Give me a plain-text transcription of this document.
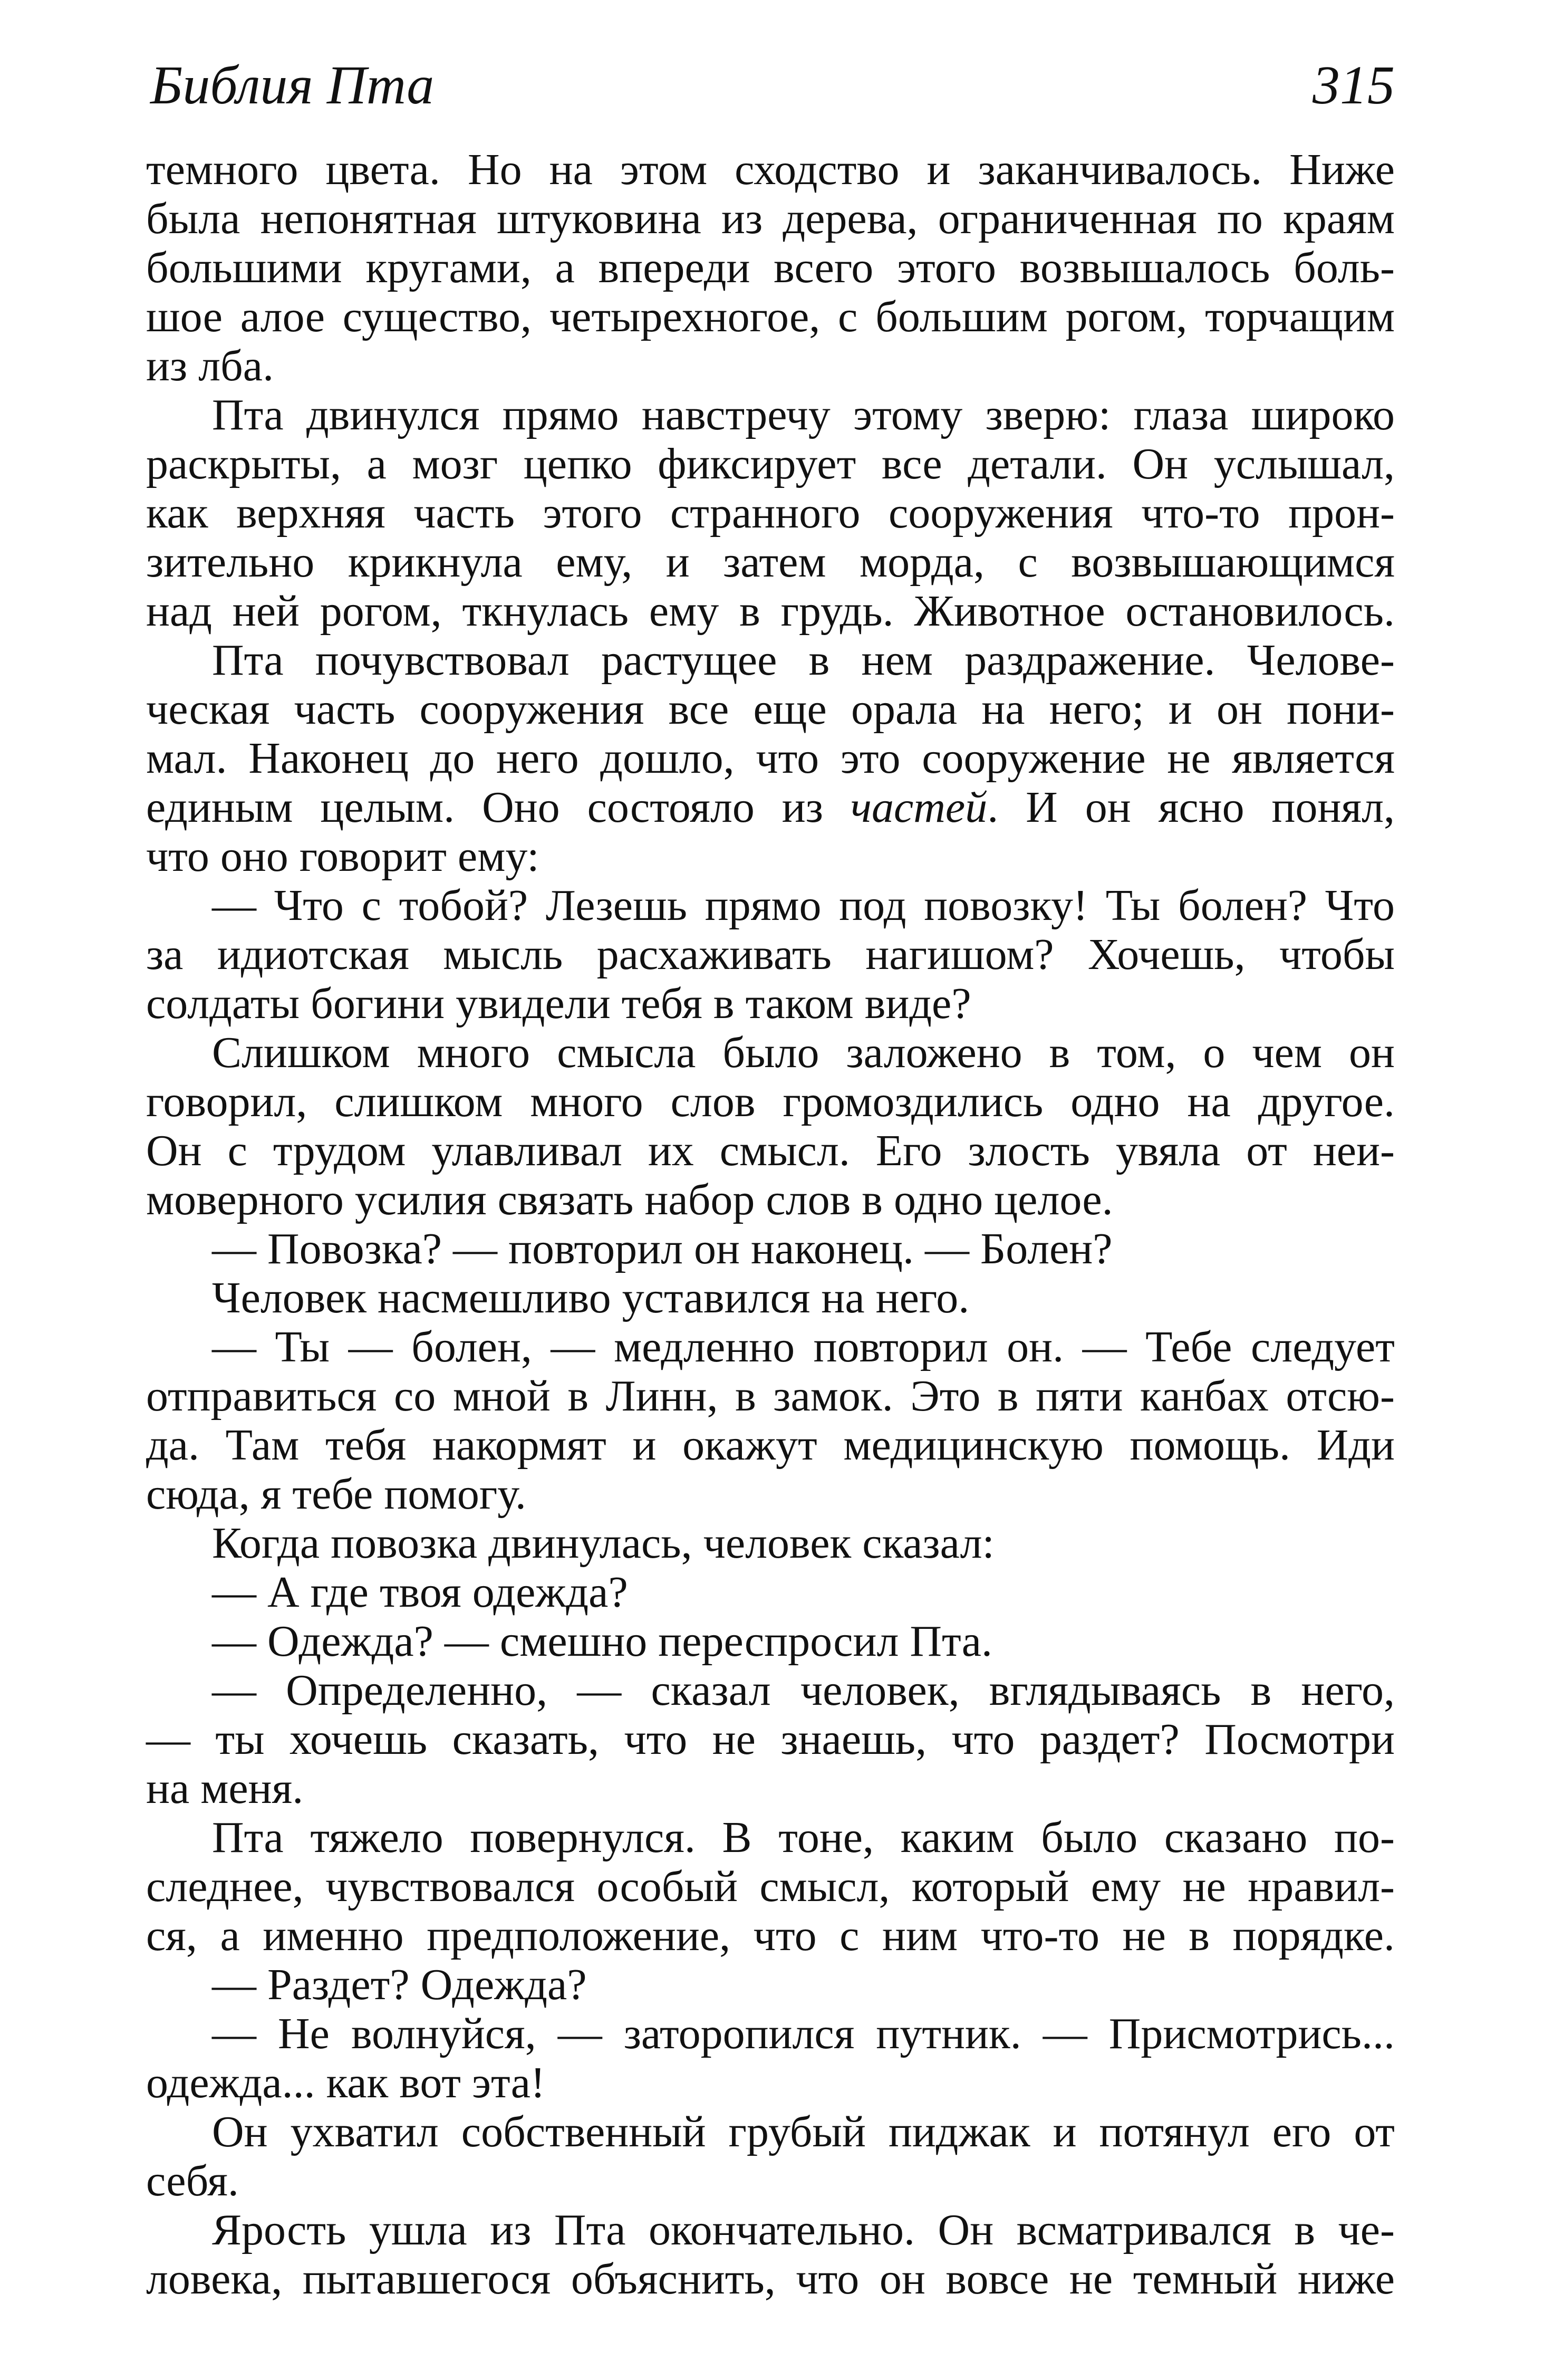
Библия Пта	315
темного цвета. Но на этом сходство и заканчивалось. Ниже
была непонятная штуковина из дерева, ограниченная по краям
большими кругами, а впереди всего этого возвышалось боль-
шое алое существо, четырехногое, с большим рогом, торчащим
из лба.
Пта двинулся прямо навстречу этому зверю: глаза широко
раскрыты, а мозг цепко фиксирует все детали. Он услышал,
как верхняя часть этого странного сооружения что-то прон-
зительно крикнула ему, и затем морда, с возвышающимся
над ней рогом, ткнулась ему в грудь. Животное остановилось.
Пта почувствовал растущее в нем раздражение. Челове-
ческая часть сооружения все еще орала на него; и он пони-
мал. Наконец до него дошло, что это сооружение не является
единым целым. Оно состояло из частей. И он ясно понял,
что оно говорит ему:
— Что с тобой? Лезешь прямо под повозку! Ты болен? Что
за идиотская мысль расхаживать нагишом? Хочешь, чтобы
солдаты богини увидели тебя в таком виде?
Слишком много смысла было заложено в том, о чем он
говорил, слишком много слов громоздились одно на другое.
Он с трудом улавливал их смысл. Его злость увяла от неи-
моверного усилия связать набор слов в одно целое.
— Повозка? — повторил он наконец. — Болен?
Человек насмешливо уставился на него.
— Ты — болен, — медленно повторил он. — Тебе следует
отправиться со мной в Линн, в замок. Это в пяти канбах отсю-
да. Там тебя накормят и окажут медицинскую помощь. Иди
сюда, я тебе помогу.
Когда повозка двинулась, человек сказал:
— А где твоя одежда?
— Одежда? — смешно переспросил Пта.
— Определенно, — сказал человек, вглядываясь в него,
— ты хочешь сказать, что не знаешь, что раздет? Посмотри
на меня.
Пта тяжело повернулся. В тоне, каким было сказано по-
следнее, чувствовался особый смысл, который ему не нравил-
ся, а именно предположение, что с ним что-то не в порядке.
— Раздет? Одежда?
— Не волнуйся, — заторопился путник. — Присмотрись...
одежда... как вот эта!
Он ухватил собственный грубый пиджак и потянул его от
себя.
Ярость ушла из Пта окончательно. Он всматривался в че-
ловека, пытавшегося объяснить, что он вовсе не темный ниже
